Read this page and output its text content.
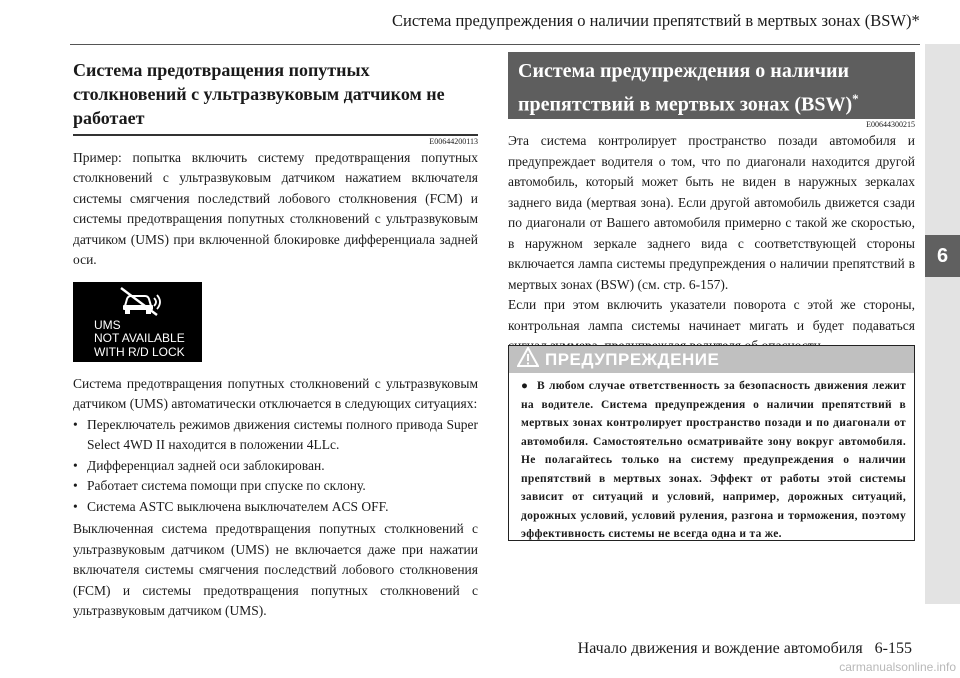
Система предупреждения о наличии препятствий в мертвых зонах (BSW)*
6
Система предотвращения попутных столкновений с ультразвуковым датчиком не работает
E00644200113

Пример: попытка включить систему предотвращения попутных столкновений с ультразвуковым датчиком нажатием включателя системы смягчения последствий лобового столкновения (FCM) и системы предотвращения попутных столкновений с ультразвуковым датчиком (UMS) при включенной блокировке дифференциала задней оси.

UMS
NOT AVAILABLE
WITH R/D LOCK

Система предотвращения попутных столкновений с ультразвуковым датчиком (UMS) автоматически отключается в следующих ситуациях:

• Переключатель режимов движения системы полного привода Super Select 4WD II находится в положении 4LLc.
• Дифференциал задней оси заблокирован.
• Работает система помощи при спуске по склону.
• Система ASTC выключена выключателем ACS OFF.

Выключенная система предотвращения попутных столкновений с ультразвуковым датчиком (UMS) не включается даже при нажатии включателя системы смягчения последствий лобового столкновения (FCM) и системы предотвращения попутных столкновений с ультразвуковым датчиком (UMS).

Система предупреждения о наличии препятствий в мертвых зонах (BSW)*
E00644300215

Эта система контролирует пространство позади автомобиля и предупреждает водителя о том, что по диагонали находится другой автомобиль, который может быть не виден в наружных зеркалах заднего вида (мертвая зона). Если другой автомобиль движется сзади по диагонали от Вашего автомобиля примерно с такой же скоростью, в наружном зеркале заднего вида с соответствующей стороны включается лампа системы предупреждения о наличии препятствий в мертвых зонах (BSW) (см. стр. 6-157).

Если при этом включить указатели поворота с этой же стороны, контрольная лампа системы начинает мигать и будет подаваться

ПРЕДУПРЕЖДЕНИЕ
● В любом случае ответственность за безопасность движения лежит на водителе. Система предупреждения о наличии препятствий в мертвых зонах контролирует пространство позади и по диагонали от автомобиля. Самостоятельно осматривайте зону вокруг автомобиля. Не полагайтесь только на систему предупреждения о наличии препятствий в мертвых зонах. Эффект от работы этой системы зависит от ситуаций и условий, например, дорожных ситуаций, дорожных условий, условий руления, разгона и торможения, поэтому эффективность системы не всегда одна и та же.
Начало движения и вождение автомобиля 6-155
carmanualsonline.info
